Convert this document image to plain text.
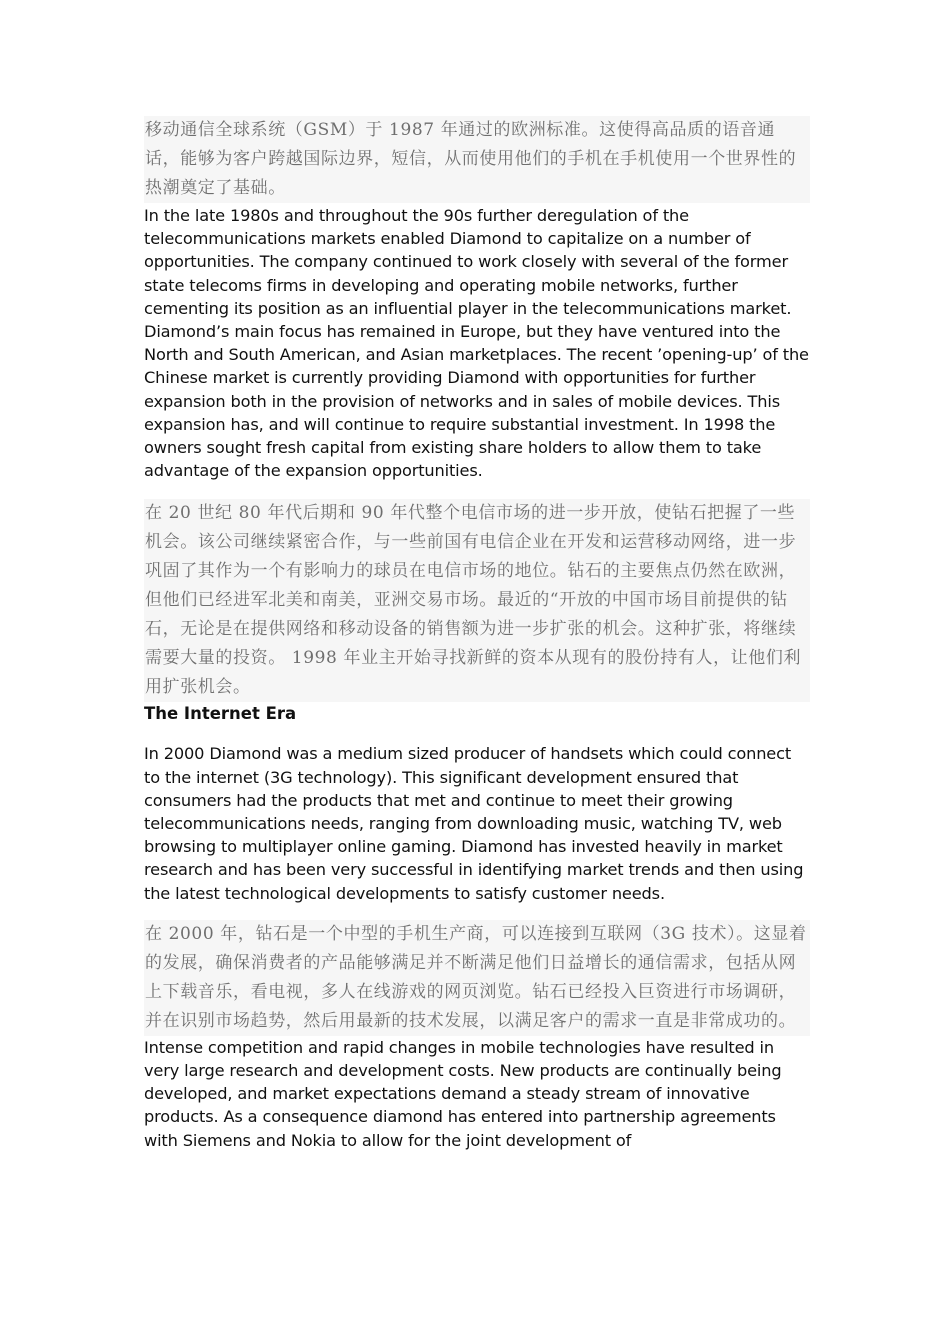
移动通信全球系统（GSM）于 1987 年通过的欧洲标准。这使得高品质的语音通话，能够为客户跨越国际边界，短信，从而使用他们的手机在手机使用一个世界性的热潮奠定了基础。

In the late 1980s and throughout the 90s further deregulation of the telecommunications markets enabled Diamond to capitalize on a number of opportunities. The company continued to work closely with several of the former state telecoms firms in developing and operating mobile networks, further cementing its position as an influential player in the telecommunications market. Diamond’s main focus has remained in Europe, but they have ventured into the North and South American, and Asian marketplaces. The recent ’opening-up’ of the Chinese market is currently providing Diamond with opportunities for further expansion both in the provision of networks and in sales of mobile devices. This expansion has, and will continue to require substantial investment. In 1998 the owners sought fresh capital from existing share holders to allow them to take advantage of the expansion opportunities.

在 20 世纪 80 年代后期和 90 年代整个电信市场的进一步开放，使钻石把握了一些机会。该公司继续紧密合作，与一些前国有电信企业在开发和运营移动网络，进一步巩固了其作为一个有影响力的球员在电信市场的地位。钻石的主要焦点仍然在欧洲，但他们已经进军北美和南美，亚洲交易市场。最近的“开放的中国市场目前提供的钻石，无论是在提供网络和移动设备的销售额为进一步扩张的机会。这种扩张，将继续需要大量的投资。 1998 年业主开始寻找新鲜的资本从现有的股份持有人，让他们利用扩张机会。

The Internet Era

In 2000 Diamond was a medium sized producer of handsets which could connect to the internet (3G technology). This significant development ensured that consumers had the products that met and continue to meet their growing telecommunications needs, ranging from downloading music, watching TV, web browsing to multiplayer online gaming. Diamond has invested heavily in market research and has been very successful in identifying market trends and then using the latest technological developments to satisfy customer needs.

在 2000 年，钻石是一个中型的手机生产商，可以连接到互联网（3G 技术）。这显着的发展，确保消费者的产品能够满足并不断满足他们日益增长的通信需求，包括从网上下载音乐，看电视，多人在线游戏的网页浏览。钻石已经投入巨资进行市场调研，并在识别市场趋势，然后用最新的技术发展，以满足客户的需求一直是非常成功的。

Intense competition and rapid changes in mobile technologies have resulted in very large research and development costs. New products are continually being developed, and market expectations demand a steady stream of innovative products. As a consequence diamond has entered into partnership agreements with Siemens and Nokia to allow for the joint development of
